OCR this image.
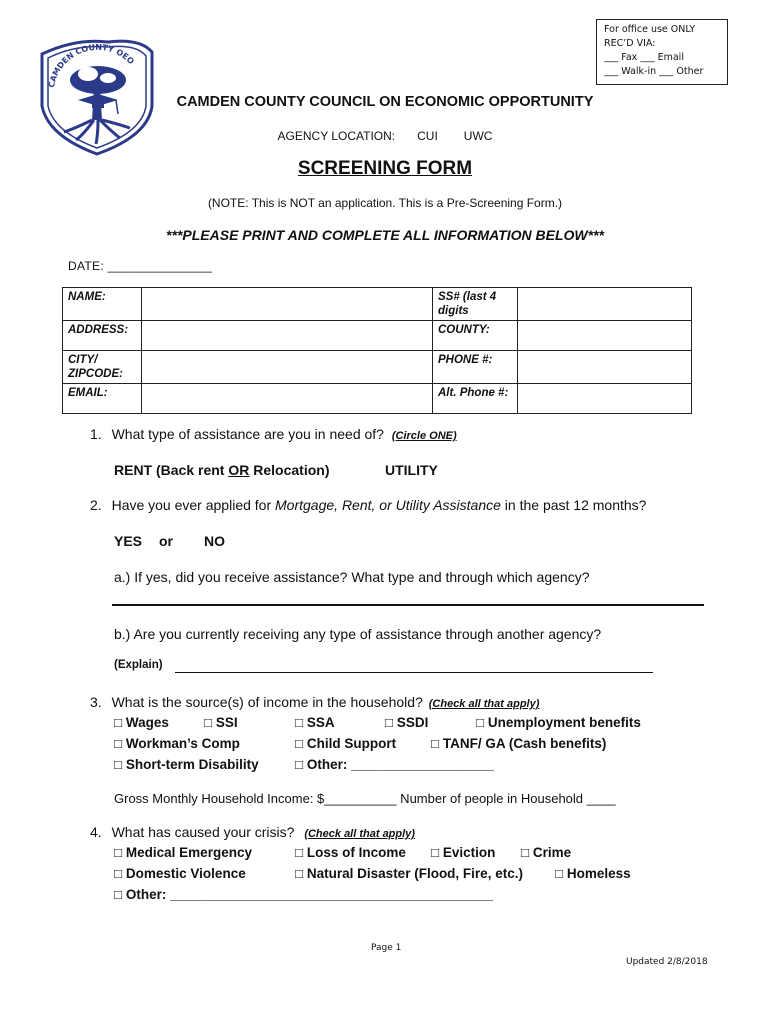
For office use ONLY
REC’D VIA:
___ Fax ___ Email
___ Walk-in ___ Other
CAMDEN COUNTY OEO
CAMDEN COUNTY COUNCIL ON ECONOMIC OPPORTUNITY
AGENCY LOCATION: CUI UWC
SCREENING FORM
(NOTE: This is NOT an application. This is a Pre-Screening Form.)
***PLEASE PRINT AND COMPLETE ALL INFORMATION BELOW***
DATE: _______________
NAME:		SS# (last 4 digits	
ADDRESS:		COUNTY:	
CITY/ ZIPCODE:		PHONE #:	
EMAIL:		Alt. Phone #:	
1. What type of assistance are you in need of? (Circle ONE)
RENT (Back rent OR Relocation)	UTILITY
2. Have you ever applied for Mortgage, Rent, or Utility Assistance in the past 12 months?
YES or NO
a.) If yes, did you receive assistance? What type and through which agency?
b.) Are you currently receiving any type of assistance through another agency?
(Explain)
3. What is the source(s) of income in the household? (Check all that apply)
□ Wages	□ SSI	□ SSA	□ SSDI	□ Unemployment benefits
□ Workman’s Comp	□ Child Support	□ TANF/ GA (Cash benefits)
□ Short-term Disability	□ Other: ___________________
Gross Monthly Household Income: $__________ Number of people in Household ____
4. What has caused your crisis? (Check all that apply)
□ Medical Emergency	□ Loss of Income □ Eviction □ Crime
□ Domestic Violence	□ Natural Disaster (Flood, Fire, etc.) □ Homeless
□ Other: ___________________________________________
Page 1
Updated 2/8/2018
